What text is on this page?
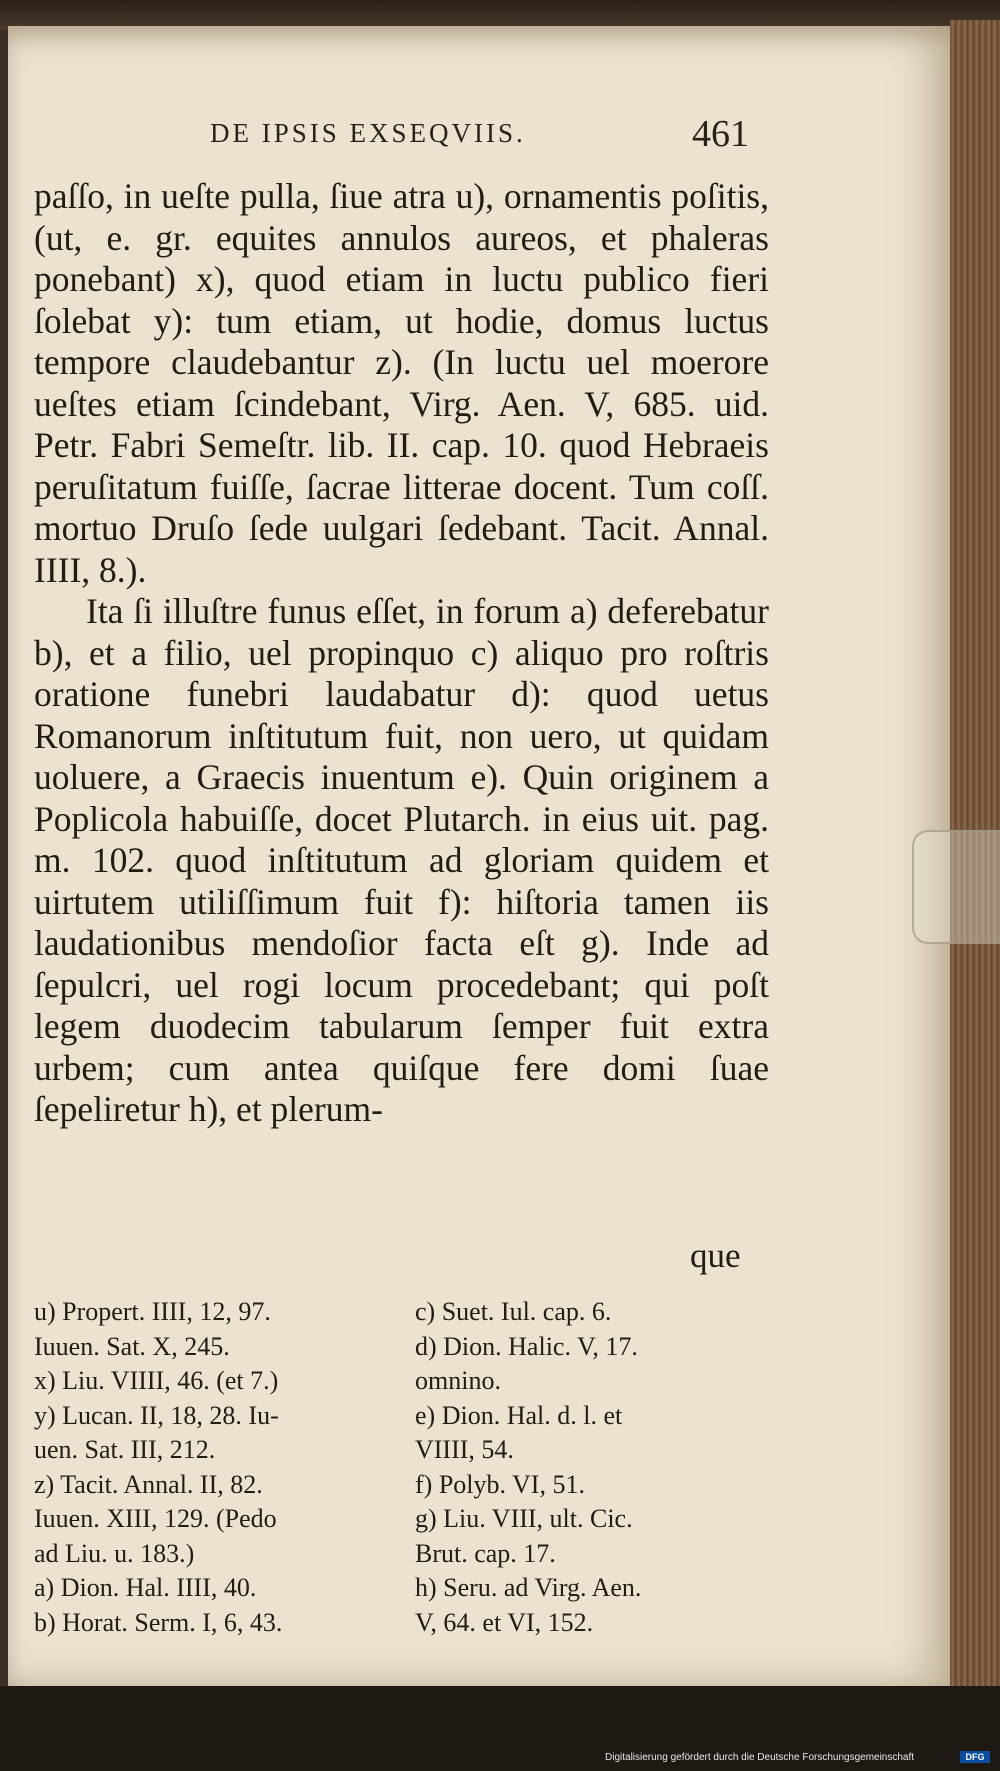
DE IPSIS EXSEQVIIS.	461

paſſo, in ueſte pulla, ſiue atra u), ornamentis poſitis, (ut, e. gr. equites annulos aureos, et phaleras ponebant) x), quod etiam in luctu publico fieri ſolebat y): tum etiam, ut hodie, domus luctus tempore claudebantur z). (In luctu uel moerore ueſtes etiam ſcindebant, Virg. Aen. V, 685. uid. Petr. Fabri Semeſtr. lib. II. cap. 10. quod Hebraeis peruſitatum fuiſſe, ſacrae litterae docent. Tum coſſ. mortuo Druſo ſede uulgari ſedebant. Tacit. Annal. IIII, 8.).

Ita ſi illuſtre funus eſſet, in forum a) deferebatur b), et a filio, uel propinquo c) aliquo pro roſtris oratione funebri laudabatur d): quod uetus Romanorum inſtitutum fuit, non uero, ut quidam uoluere, a Graecis inuentum e). Quin originem a Poplicola habuiſſe, docet Plutarch. in eius uit. pag. m. 102. quod inſtitutum ad gloriam quidem et uirtutem utiliſſimum fuit f): hiſtoria tamen iis laudationibus mendoſior facta eſt g). Inde ad ſepulcri, uel rogi locum procedebant; qui poſt legem duodecim tabularum ſemper fuit extra urbem; cum antea quiſque fere domi ſuae ſepeliretur h), et plerum-

que
u) Propert. IIII, 12, 97.
Iuuen. Sat. X, 245.
x) Liu. VIIII, 46. (et 7.)
y) Lucan. II, 18, 28. Iu-
uen. Sat. III, 212.
z) Tacit. Annal. II, 82.
Iuuen. XIII, 129. (Pedo
ad Liu. u. 183.)
a) Dion. Hal. IIII, 40.
b) Horat. Serm. I, 6, 43.
c) Suet. Iul. cap. 6.
d) Dion. Halic. V, 17.
omnino.
e) Dion. Hal. d. l. et
VIIII, 54.
f) Polyb. VI, 51.
g) Liu. VIII, ult. Cic.
Brut. cap. 17.
h) Seru. ad Virg. Aen.
V, 64. et VI, 152.
Digitalisierung gefördert durch die Deutsche Forschungsgemeinschaft	DFG
